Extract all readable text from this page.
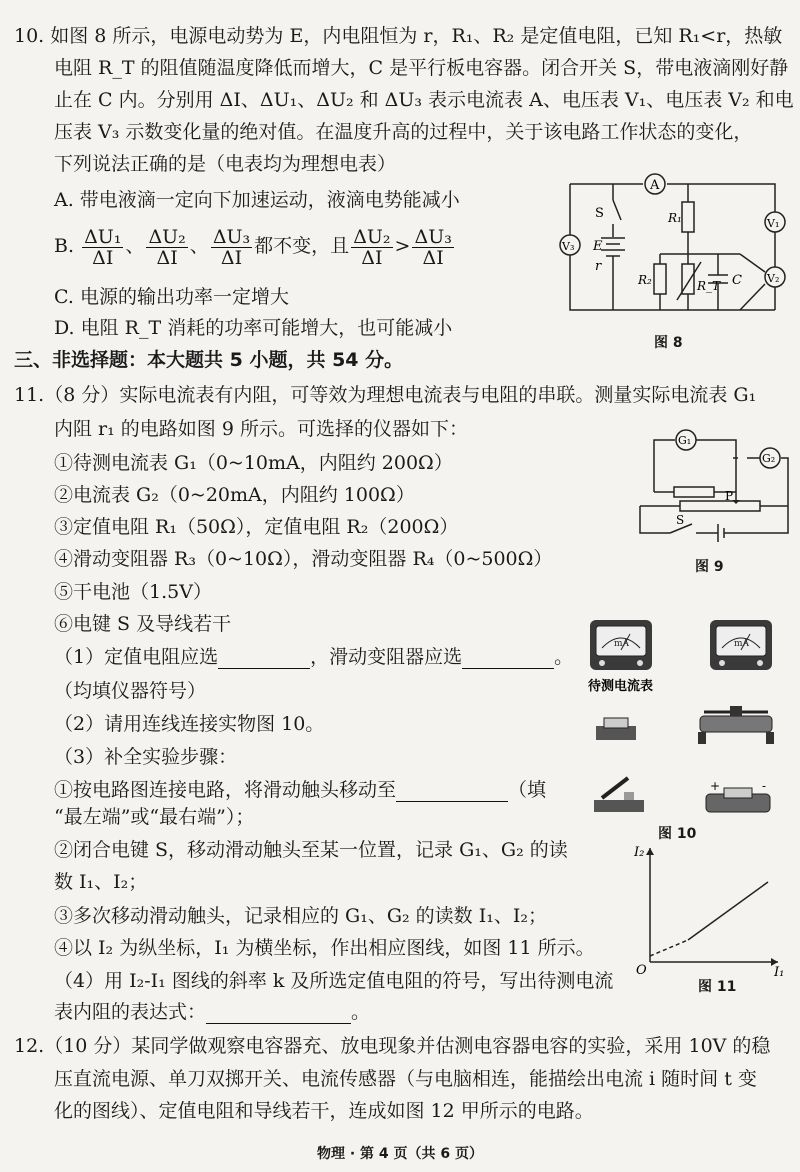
10. 如图 8 所示，电源电动势为 E，内电阻恒为 r，R₁、R₂ 是定值电阻，已知 R₁<r，热敏
电阻 R_T 的阻值随温度降低而增大，C 是平行板电容器。闭合开关 S，带电液滴刚好静
止在 C 内。分别用 ΔI、ΔU₁、ΔU₂ 和 ΔU₃ 表示电流表 A、电压表 V₁、电压表 V₂ 和电
压表 V₃ 示数变化量的绝对值。在温度升高的过程中，关于该电路工作状态的变化，
下列说法正确的是（电表均为理想电表）
A. 带电液滴一定向下加速运动，液滴电势能减小
B. $\frac{\text{ΔU₁}}{\Delta I}$ 、 $\frac{\text{ΔU₂}}{\Delta I}$ 、 $\frac{\text{ΔU₃}}{\Delta I}$ 都不变，且 $\frac{\text{ΔU₂}}{\Delta I} > \frac{\text{ΔU₃}}{\Delta I}$
C. 电源的输出功率一定增大
D. 电阻 R_T 消耗的功率可能增大，也可能减小
A
V₁
V₂
V₃
S
E
r
R₁
R₂	R_T C
图 8
三、非选择题：本大题共 5 小题，共 54 分。
11.（8 分）实际电流表有内阻，可等效为理想电流表与电阻的串联。测量实际电流表 G₁
内阻 r₁ 的电路如图 9 所示。可选择的仪器如下：
①待测电流表 G₁（0~10mA，内阻约 200Ω）
②电流表 G₂（0~20mA，内阻约 100Ω）
③定值电阻 R₁（50Ω），定值电阻 R₂（200Ω）
④滑动变阻器 R₃（0~10Ω），滑动变阻器 R₄（0~500Ω）
⑤干电池（1.5V）
⑥电键 S 及导线若干
（1）定值电阻应选	，滑动变阻器应选	。
（均填仪器符号）
（2）请用连线连接实物图 10。
（3）补全实验步骤：
①按电路图连接电路，将滑动触头移动至	（填
“最左端”或“最右端”）；
②闭合电键 S，移动滑动触头至某一位置，记录 G₁、G₂ 的读
数 I₁、I₂；
③多次移动滑动触头，记录相应的 G₁、G₂ 的读数 I₁、I₂；
④以 I₂ 为纵坐标，I₁ 为横坐标，作出相应图线，如图 11 所示。
（4）用 I₂-I₁ 图线的斜率 k 及所选定值电阻的符号，写出待测电流
表内阻的表达式：	。
G₁
G₂
P
S
图 9
mA	mA
待测电流表
+	-
图 10
I₂
I₁
O
图 11
12.（10 分）某同学做观察电容器充、放电现象并估测电容器电容的实验，采用 10V 的稳
压直流电源、单刀双掷开关、电流传感器（与电脑相连，能描绘出电流 i 随时间 t 变
化的图线）、定值电阻和导线若干，连成如图 12 甲所示的电路。
物理 · 第 4 页（共 6 页）
